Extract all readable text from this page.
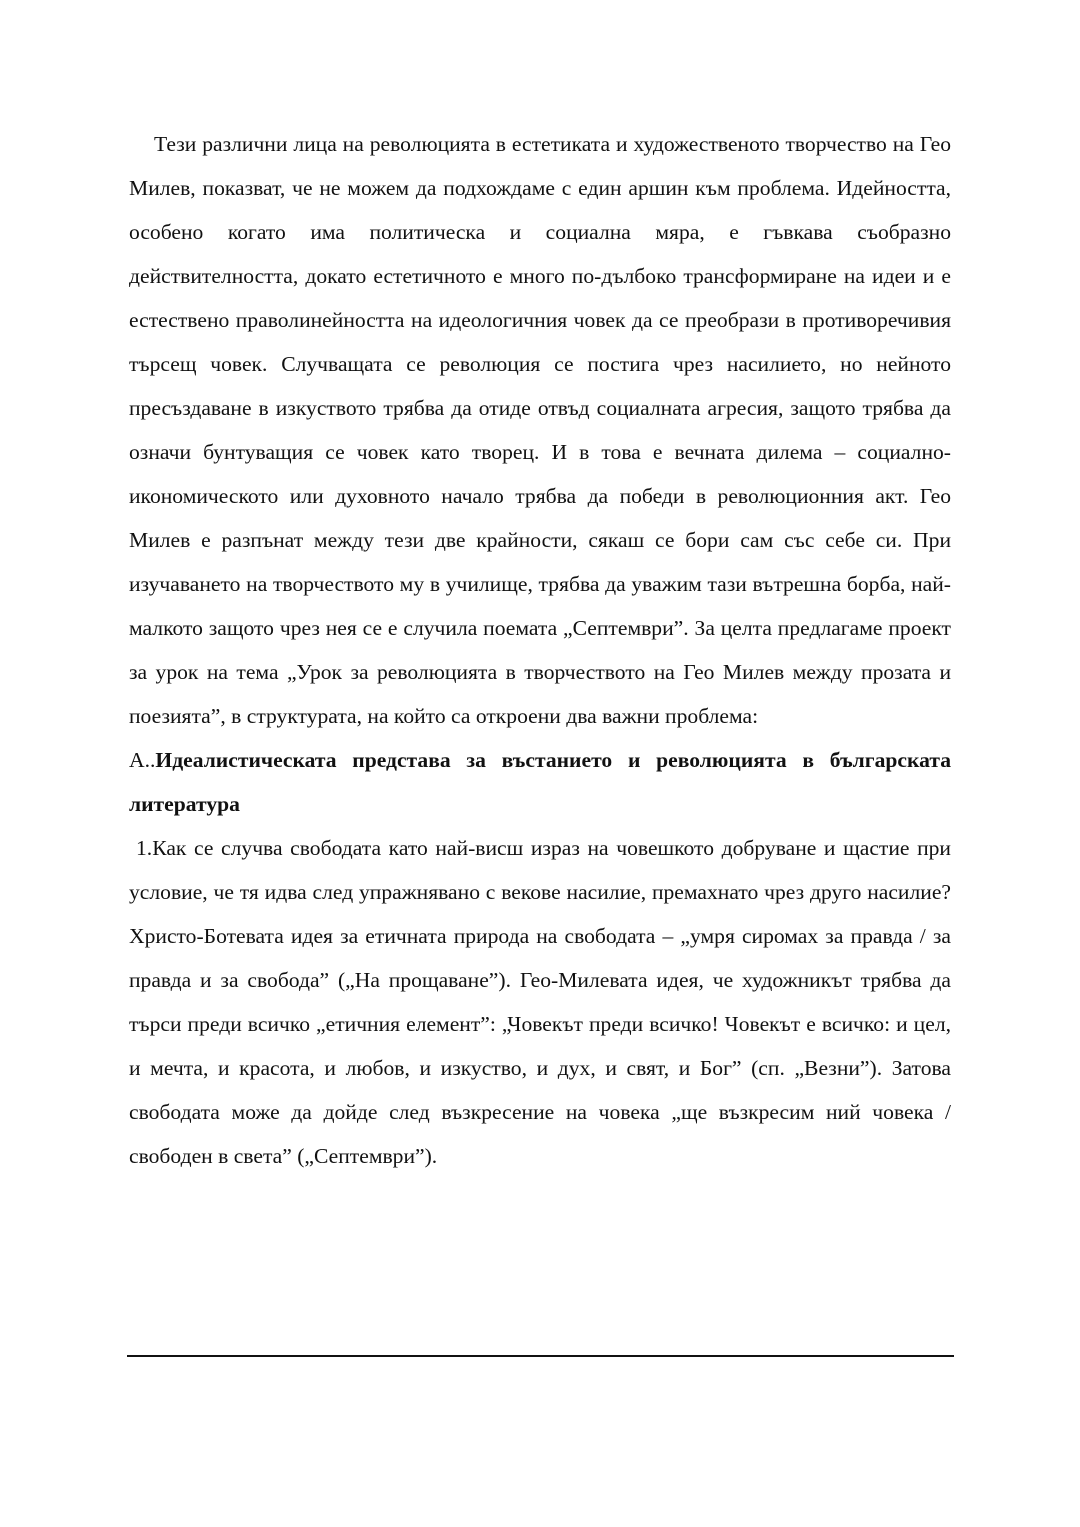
Тези различни лица на революцията в естетиката и художественото творчество на Гео Милев, показват, че не можем да подхождаме с един аршин към проблема. Идейността, особено когато има политическа и социална мяра, е гъвкава съобразно действителността, докато естетичното е много по-дълбоко трансформиране на идеи и е естествено праволинейността на идеологичния човек да се преобрази в противоречивия търсещ човек. Случващата се революция се постига чрез насилието, но нейното пресъздаване в изкуството трябва да отиде отвъд социалната агресия, защото трябва да означи бунтуващия се човек като творец. И в това е вечната дилема – социално-икономическото или духовното начало трябва да победи в революционния акт. Гео Милев е разпънат между тези две крайности, сякаш се бори сам със себе си. При изучаването на творчеството му в училище, трябва да уважим тази вътрешна борба, най-малкото защото чрез нея се е случила поемата „Септември”. За целта предлагаме проект за урок на тема „Урок за революцията в творчеството на Гео Милев между прозата и поезията”, в структурата, на който са откроени два важни проблема:

А..Идеалистическата представа за въстанието и революцията в българската литература

1.Как се случва свободата като най-висш израз на човешкото добруване и щастие при условие, че тя идва след упражнявано с векове насилие, премахнато чрез друго насилие? Христо-Ботевата идея за етичната природа на свободата – „умря сиромах за правда / за правда и за свобода” („На прощаване”). Гео-Милевата идея, че художникът трябва да търси преди всичко „етичния елемент”: „Човекът преди всичко! Човекът е всичко: и цел, и мечта, и красота, и любов, и изкуство, и дух, и свят, и Бог” (сп. „Везни”). Затова свободата може да дойде след възкресение на човека „ще възкресим ний човека / свободен в света” („Септември”).
